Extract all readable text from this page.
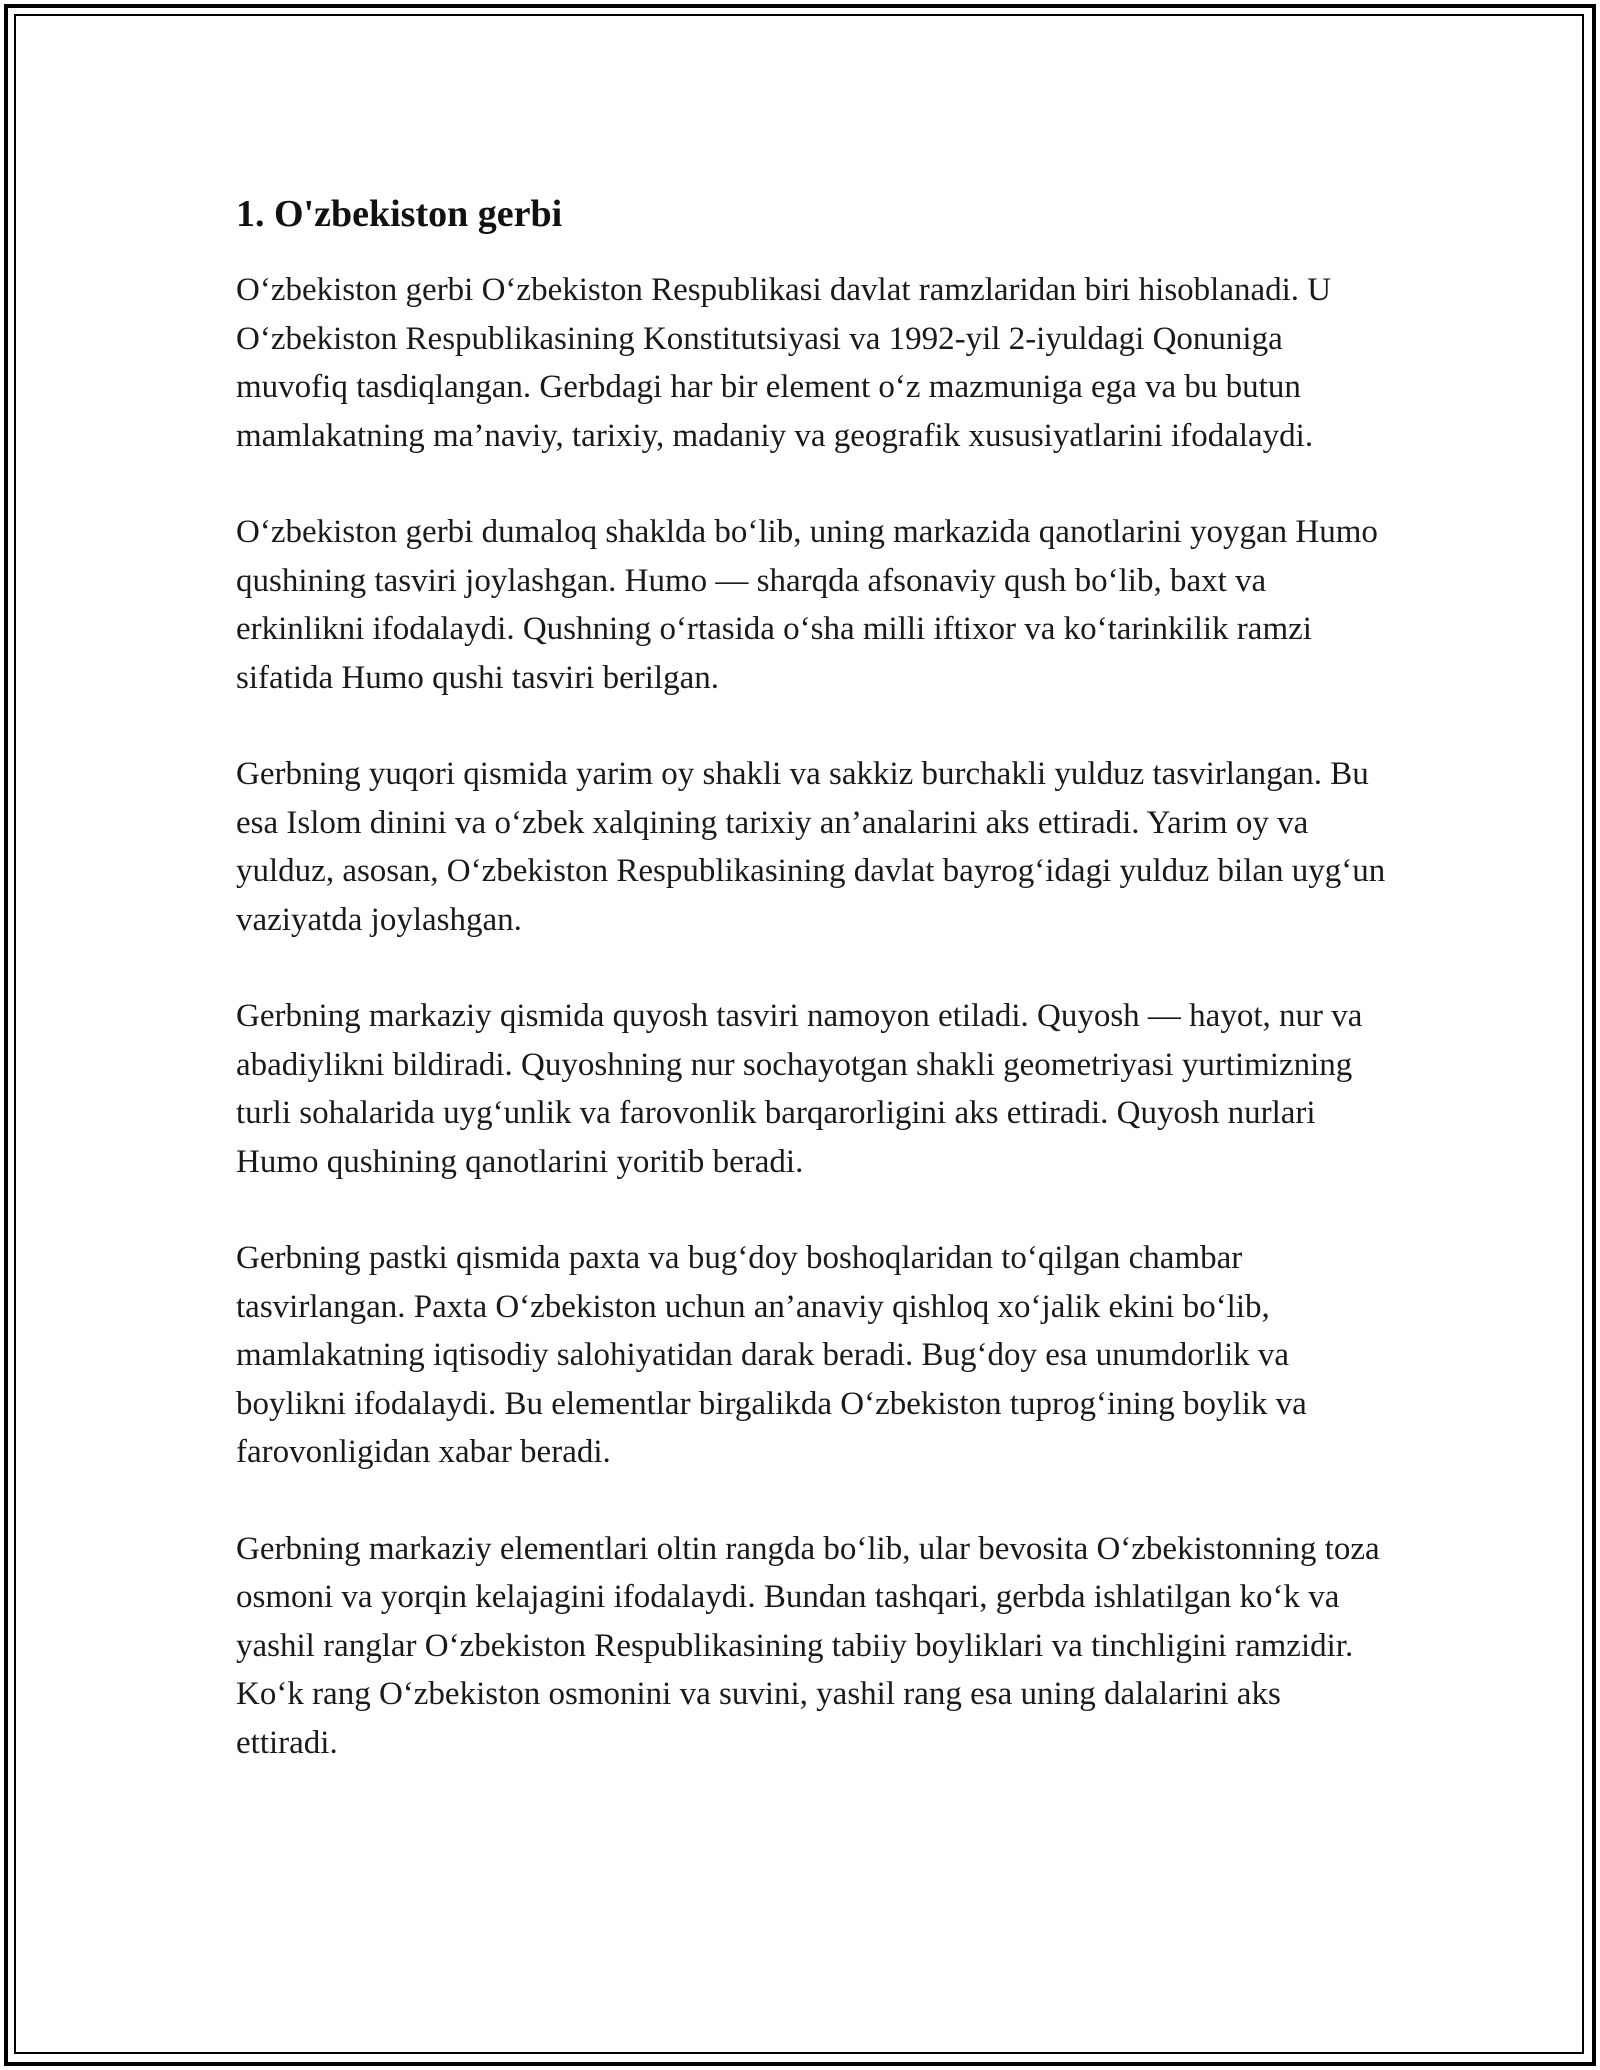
1. O'zbekiston gerbi

O‘zbekiston gerbi O‘zbekiston Respublikasi davlat ramzlaridan biri hisoblanadi. U O‘zbekiston Respublikasining Konstitutsiyasi va 1992-yil 2-iyuldagi Qonuniga muvofiq tasdiqlangan. Gerbdagi har bir element o‘z mazmuniga ega va bu butun mamlakatning ma’naviy, tarixiy, madaniy va geografik xususiyatlarini ifodalaydi.

O‘zbekiston gerbi dumaloq shaklda bo‘lib, uning markazida qanotlarini yoygan Humo qushining tasviri joylashgan. Humo — sharqda afsonaviy qush bo‘lib, baxt va erkinlikni ifodalaydi. Qushning o‘rtasida o‘sha milli iftixor va ko‘tarinkilik ramzi sifatida Humo qushi tasviri berilgan.

Gerbning yuqori qismida yarim oy shakli va sakkiz burchakli yulduz tasvirlangan. Bu esa Islom dinini va o‘zbek xalqining tarixiy an’analarini aks ettiradi. Yarim oy va yulduz, asosan, O‘zbekiston Respublikasining davlat bayrog‘idagi yulduz bilan uyg‘un vaziyatda joylashgan.

Gerbning markaziy qismida quyosh tasviri namoyon etiladi. Quyosh — hayot, nur va abadiylikni bildiradi. Quyoshning nur sochayotgan shakli geometriyasi yurtimizning turli sohalarida uyg‘unlik va farovonlik barqarorligini aks ettiradi. Quyosh nurlari Humo qushining qanotlarini yoritib beradi.

Gerbning pastki qismida paxta va bug‘doy boshoqlaridan to‘qilgan chambar tasvirlangan. Paxta O‘zbekiston uchun an’anaviy qishloq xo‘jalik ekini bo‘lib, mamlakatning iqtisodiy salohiyatidan darak beradi. Bug‘doy esa unumdorlik va boylikni ifodalaydi. Bu elementlar birgalikda O‘zbekiston tuprog‘ining boylik va farovonligidan xabar beradi.

Gerbning markaziy elementlari oltin rangda bo‘lib, ular bevosita O‘zbekistonning toza osmoni va yorqin kelajagini ifodalaydi. Bundan tashqari, gerbda ishlatilgan ko‘k va yashil ranglar O‘zbekiston Respublikasining tabiiy boyliklari va tinchligini ramzidir. Ko‘k rang O‘zbekiston osmonini va suvini, yashil rang esa uning dalalarini aks ettiradi.
